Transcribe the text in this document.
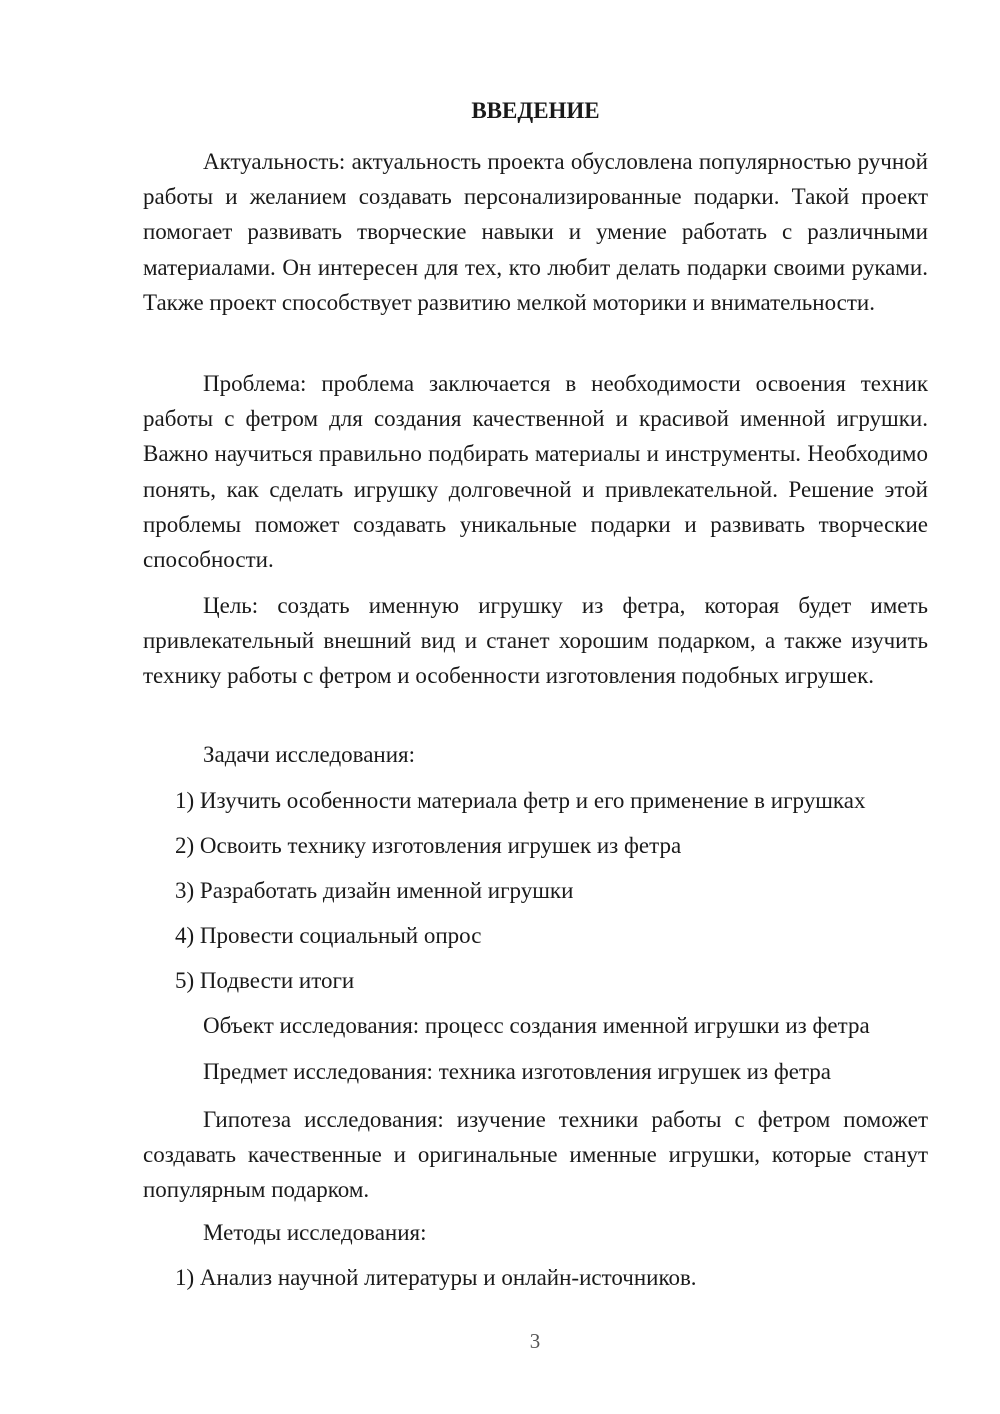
ВВЕДЕНИЕ

Актуальность: актуальность проекта обусловлена популярностью ручной работы и желанием создавать персонализированные подарки. Такой проект помогает развивать творческие навыки и умение работать с различными материалами. Он интересен для тех, кто любит делать подарки своими руками. Также проект способствует развитию мелкой моторики и внимательности.

Проблема: проблема заключается в необходимости освоения техник работы с фетром для создания качественной и красивой именной игрушки. Важно научиться правильно подбирать материалы и инструменты. Необходимо понять, как сделать игрушку долговечной и привлекательной. Решение этой проблемы поможет создавать уникальные подарки и развивать творческие способности.

Цель: создать именную игрушку из фетра, которая будет иметь привлекательный внешний вид и станет хорошим подарком, а также изучить технику работы с фетром и особенности изготовления подобных игрушек.

Задачи исследования:

1) Изучить особенности материала фетр и его применение в игрушках

2) Освоить технику изготовления игрушек из фетра

3) Разработать дизайн именной игрушки

4) Провести социальный опрос

5) Подвести итоги

Объект исследования: процесс создания именной игрушки из фетра

Предмет исследования: техника изготовления игрушек из фетра

Гипотеза исследования: изучение техники работы с фетром поможет создавать качественные и оригинальные именные игрушки, которые станут популярным подарком.

Методы исследования:

1) Анализ научной литературы и онлайн-источников.

3
